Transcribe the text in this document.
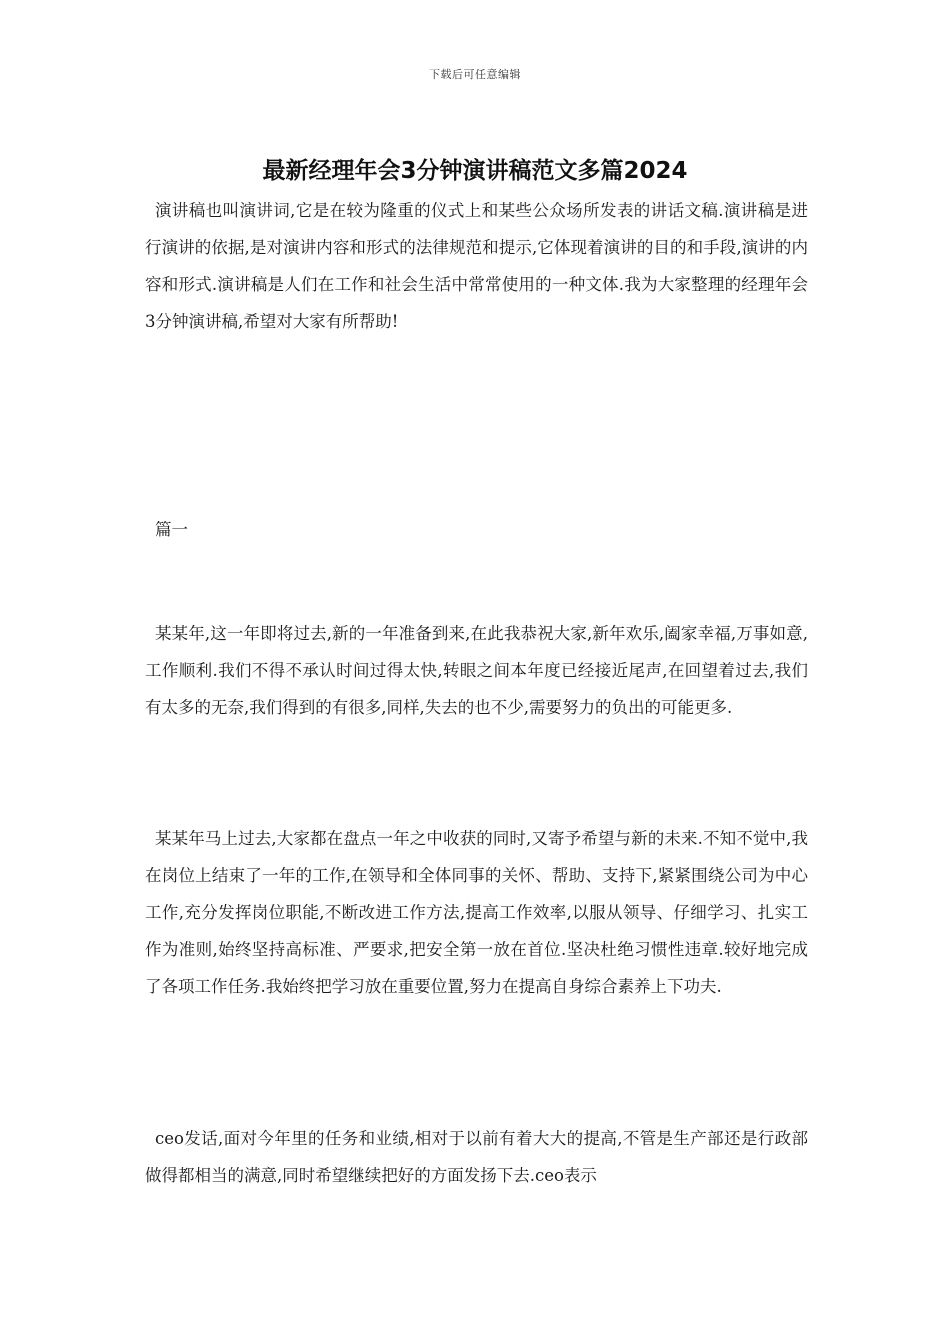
下载后可任意编辑
最新经理年会3分钟演讲稿范文多篇2024

演讲稿也叫演讲词,它是在较为隆重的仪式上和某些公众场所发表的讲话文稿.演讲稿是进行演讲的依据,是对演讲内容和形式的法律规范和提示,它体现着演讲的目的和手段,演讲的内容和形式.演讲稿是人们在工作和社会生活中常常使用的一种文体.我为大家整理的经理年会3分钟演讲稿,希望对大家有所帮助!

篇一

某某年,这一年即将过去,新的一年准备到来,在此我恭祝大家,新年欢乐,阖家幸福,万事如意,工作顺利.我们不得不承认时间过得太快,转眼之间本年度已经接近尾声,在回望着过去,我们有太多的无奈,我们得到的有很多,同样,失去的也不少,需要努力的负出的可能更多.

某某年马上过去,大家都在盘点一年之中收获的同时,又寄予希望与新的未来.不知不觉中,我在岗位上结束了一年的工作,在领导和全体同事的关怀、帮助、支持下,紧紧围绕公司为中心工作,充分发挥岗位职能,不断改进工作方法,提高工作效率,以服从领导、仔细学习、扎实工作为准则,始终坚持高标准、严要求,把安全第一放在首位.坚决杜绝习惯性违章.较好地完成了各项工作任务.我始终把学习放在重要位置,努力在提高自身综合素养上下功夫.

ceo发话,面对今年里的任务和业绩,相对于以前有着大大的提高,不管是生产部还是行政部做得都相当的满意,同时希望继续把好的方面发扬下去.ceo表示
